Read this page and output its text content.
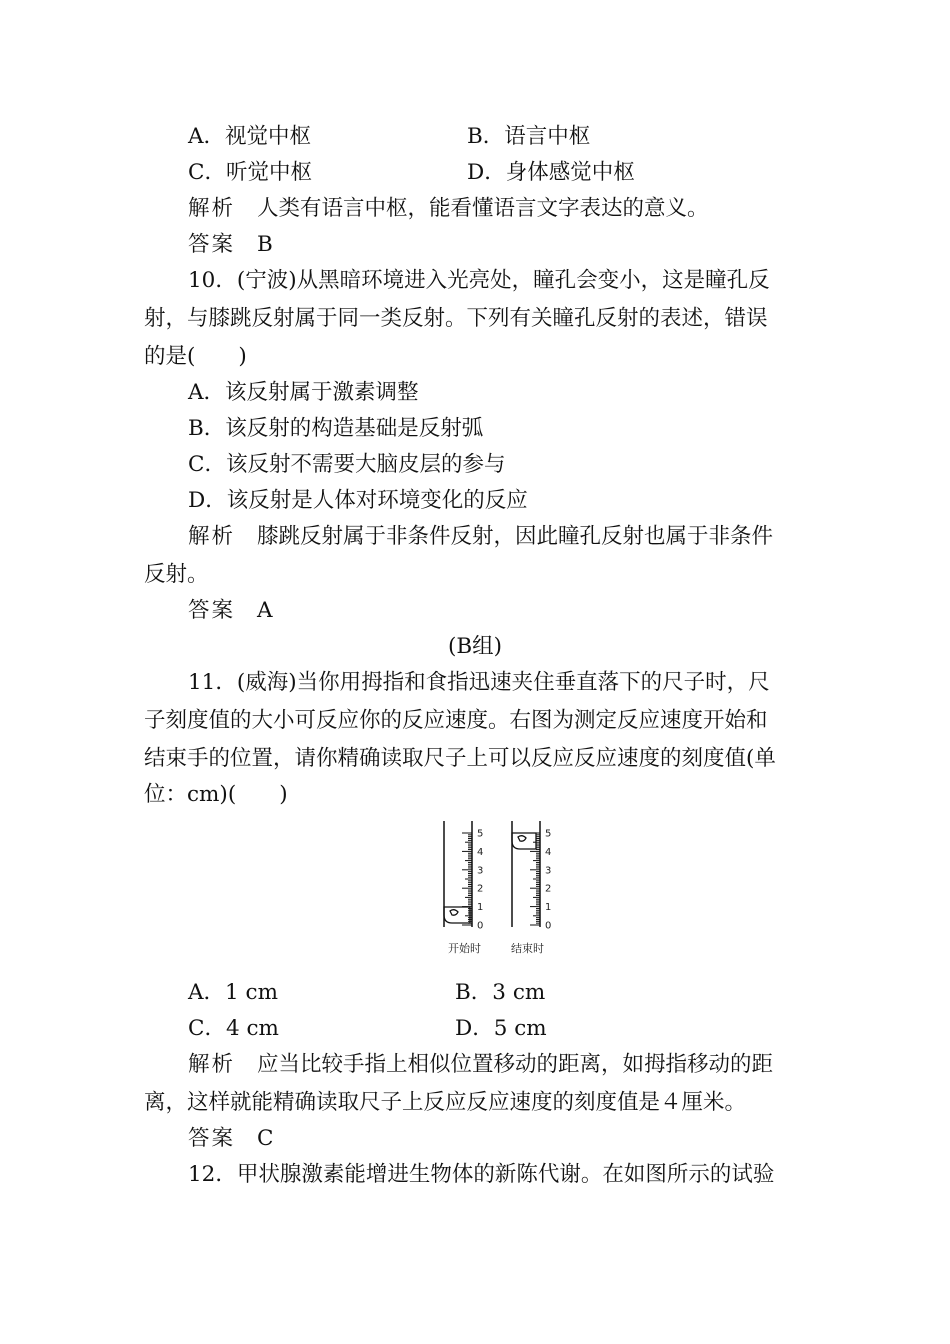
A．视觉中枢	B．语言中枢
C．听觉中枢	D．身体感觉中枢
解析 人类有语言中枢，能看懂语言文字表达的意义。
答案 B
10．(宁波)从黑暗环境进入光亮处，瞳孔会变小，这是瞳孔反
射，与膝跳反射属于同一类反射。下列有关瞳孔反射的表述，错误
的是(　　)
A．该反射属于激素调整
B．该反射的构造基础是反射弧
C．该反射不需要大脑皮层的参与
D．该反射是人体对环境变化的反应
解析 膝跳反射属于非条件反射，因此瞳孔反射也属于非条件
反射。
答案 A
(B组)
11．(威海)当你用拇指和食指迅速夹住垂直落下的尺子时，尺
子刻度值的大小可反应你的反应速度。右图为测定反应速度开始和
结束手的位置，请你精确读取尺子上可以反应反应速度的刻度值(单
位：cm)(　　)
0
1
2
3
4
5
开始时
0
1
2
3
4
5
结束时
A．1 cm	B．3 cm
C．4 cm	D．5 cm
解析 应当比较手指上相似位置移动的距离，如拇指移动的距
离，这样就能精确读取尺子上反应反应速度的刻度值是４厘米。
答案 C
12．甲状腺激素能增进生物体的新陈代谢。在如图所示的试验
